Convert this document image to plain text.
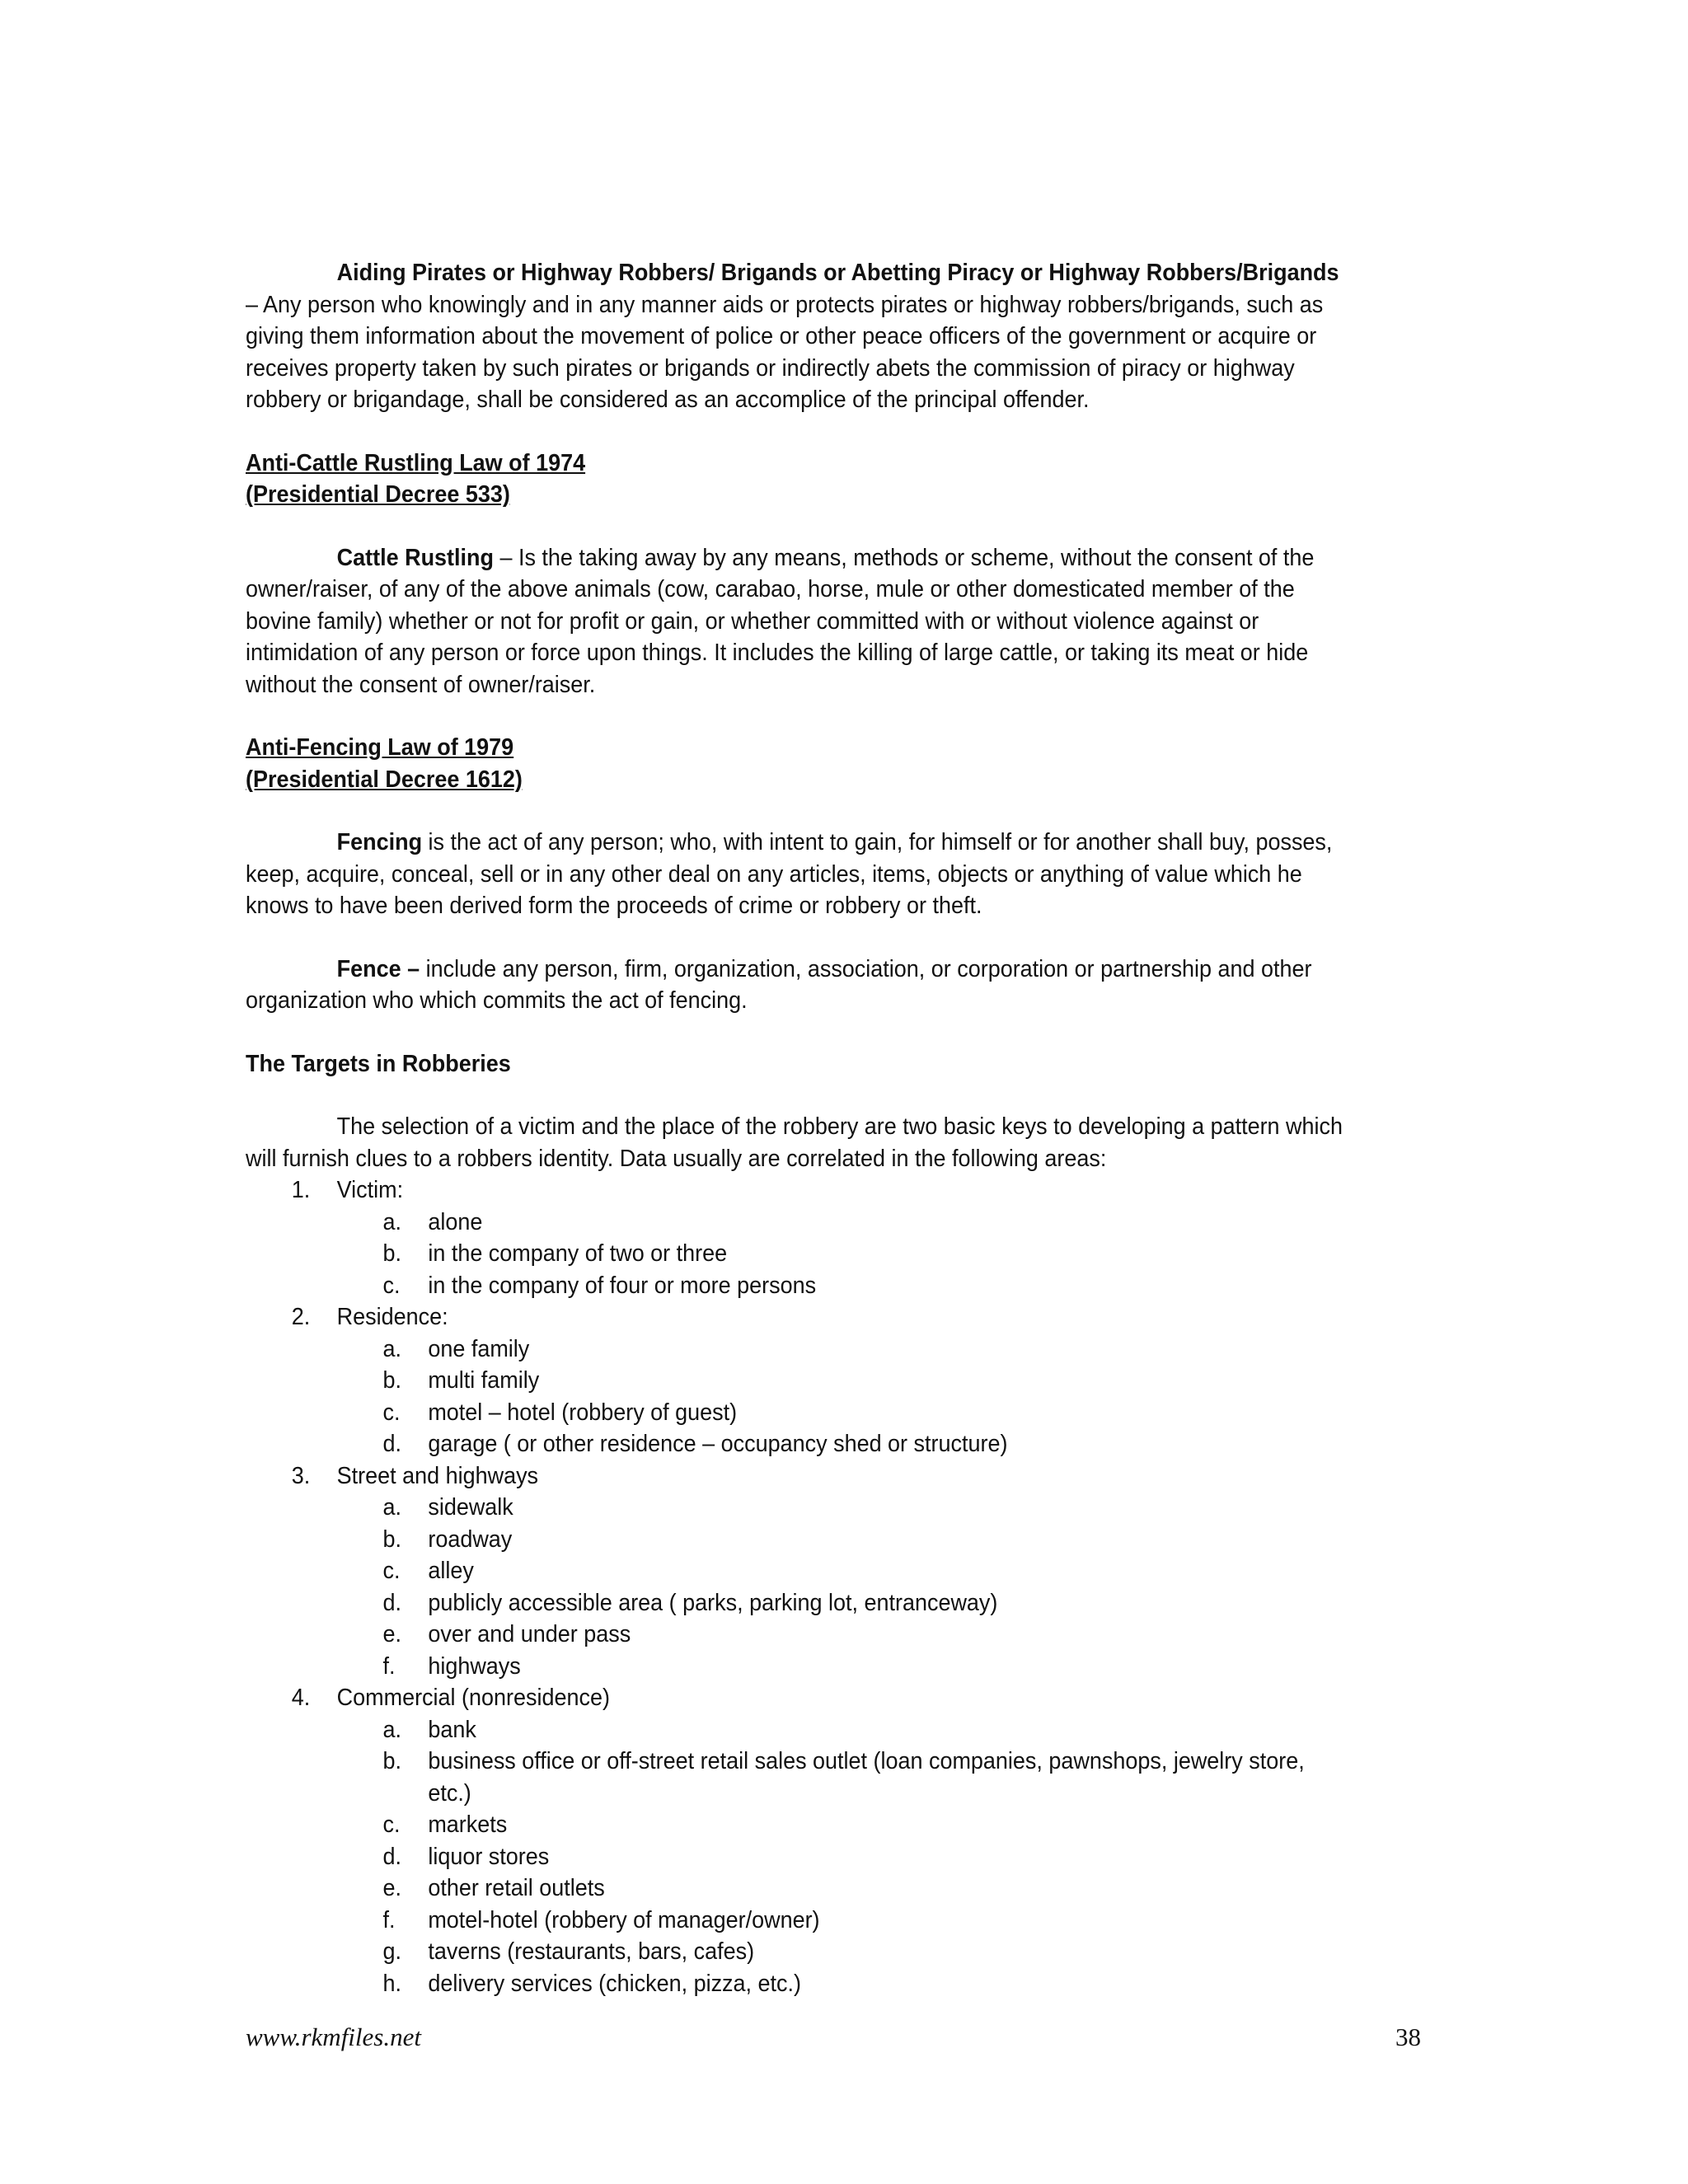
Aiding Pirates or Highway Robbers/ Brigands or Abetting Piracy or Highway Robbers/Brigands – Any person who knowingly and in any manner aids or protects pirates or highway robbers/brigands, such as giving them information about the movement of police or other peace officers of the government or acquire or receives property taken by such pirates or brigands or indirectly abets the commission of piracy or highway robbery or brigandage, shall be considered as an accomplice of the principal offender.

Anti-Cattle Rustling Law of 1974

(Presidential Decree 533)

Cattle Rustling – Is the taking away by any means, methods or scheme, without the consent of the owner/raiser, of any of the above animals (cow, carabao, horse, mule or other domesticated member of the bovine family) whether or not for profit or gain, or whether committed with or without violence against or intimidation of any person or force upon things. It includes the killing of large cattle, or taking its meat or hide without the consent of owner/raiser.

Anti-Fencing Law of 1979

(Presidential Decree 1612)

Fencing is the act of any person; who, with intent to gain, for himself or for another shall buy, posses, keep, acquire, conceal, sell or in any other deal on any articles, items, objects or anything of value which he knows to have been derived form the proceeds of crime or robbery or theft.

Fence – include any person, firm, organization, association, or corporation or partnership and other organization who which commits the act of fencing.

The Targets in Robberies

The selection of a victim and the place of the robbery are two basic keys to developing a pattern which will furnish clues to a robbers identity. Data usually are correlated in the following areas:

1.	Victim:
a.	alone
b.	in the company of two or three
c.	in the company of four or more persons
2.	Residence:
a.	one family
b.	multi family
c.	motel – hotel (robbery of guest)
d.	garage ( or other residence – occupancy shed or structure)
3.	Street and highways
a.	sidewalk
b.	roadway
c.	alley
d.	publicly accessible area ( parks, parking lot, entranceway)
e.	over and under pass
f.	highways
4.	Commercial (nonresidence)
a.	bank
b.	business office or off-street retail sales outlet (loan companies, pawnshops, jewelry store, etc.)
c.	markets
d.	liquor stores
e.	other retail outlets
f.	motel-hotel (robbery of manager/owner)
g.	taverns (restaurants, bars, cafes)
h.	delivery services (chicken, pizza, etc.)
www.rkmfiles.net	38
